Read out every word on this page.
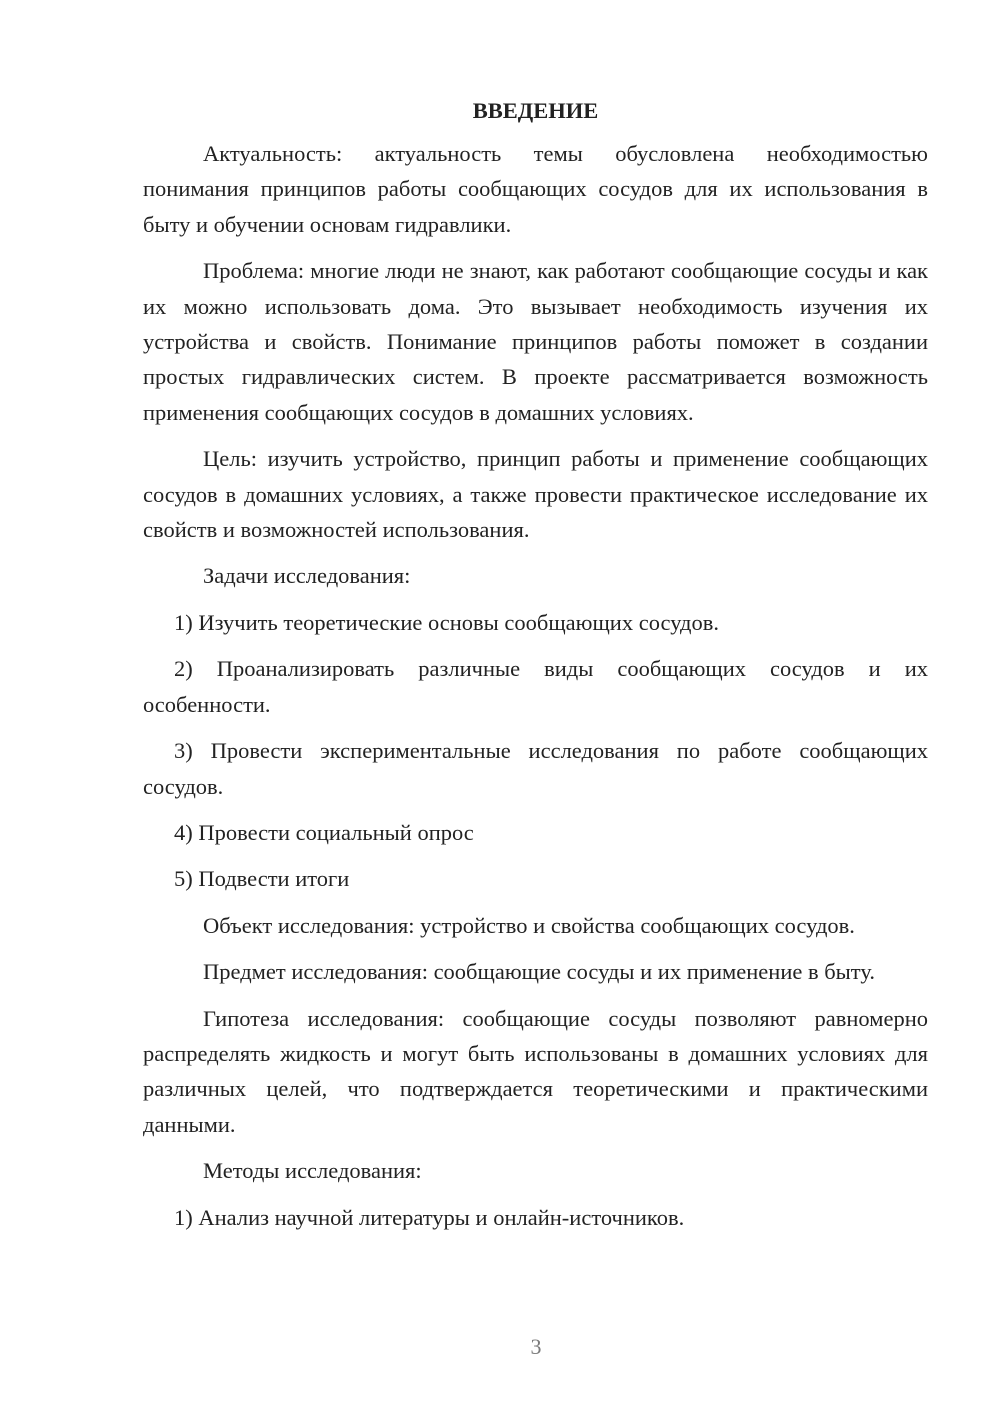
ВВЕДЕНИЕ
Актуальность: актуальность темы обусловлена необходимостью понимания принципов работы сообщающих сосудов для их использования в быту и обучении основам гидравлики.
Проблема: многие люди не знают, как работают сообщающие сосуды и как их можно использовать дома. Это вызывает необходимость изучения их устройства и свойств. Понимание принципов работы поможет в создании простых гидравлических систем. В проекте рассматривается возможность применения сообщающих сосудов в домашних условиях.
Цель: изучить устройство, принцип работы и применение сообщающих сосудов в домашних условиях, а также провести практическое исследование их свойств и возможностей использования.
Задачи исследования:
1) Изучить теоретические основы сообщающих сосудов.
2) Проанализировать различные виды сообщающих сосудов и их особенности.
3) Провести экспериментальные исследования по работе сообщающих сосудов.
4) Провести социальный опрос
5) Подвести итоги
Объект исследования: устройство и свойства сообщающих сосудов.
Предмет исследования: сообщающие сосуды и их применение в быту.
Гипотеза исследования: сообщающие сосуды позволяют равномерно распределять жидкость и могут быть использованы в домашних условиях для различных целей, что подтверждается теоретическими и практическими данными.
Методы исследования:
1) Анализ научной литературы и онлайн-источников.
3
